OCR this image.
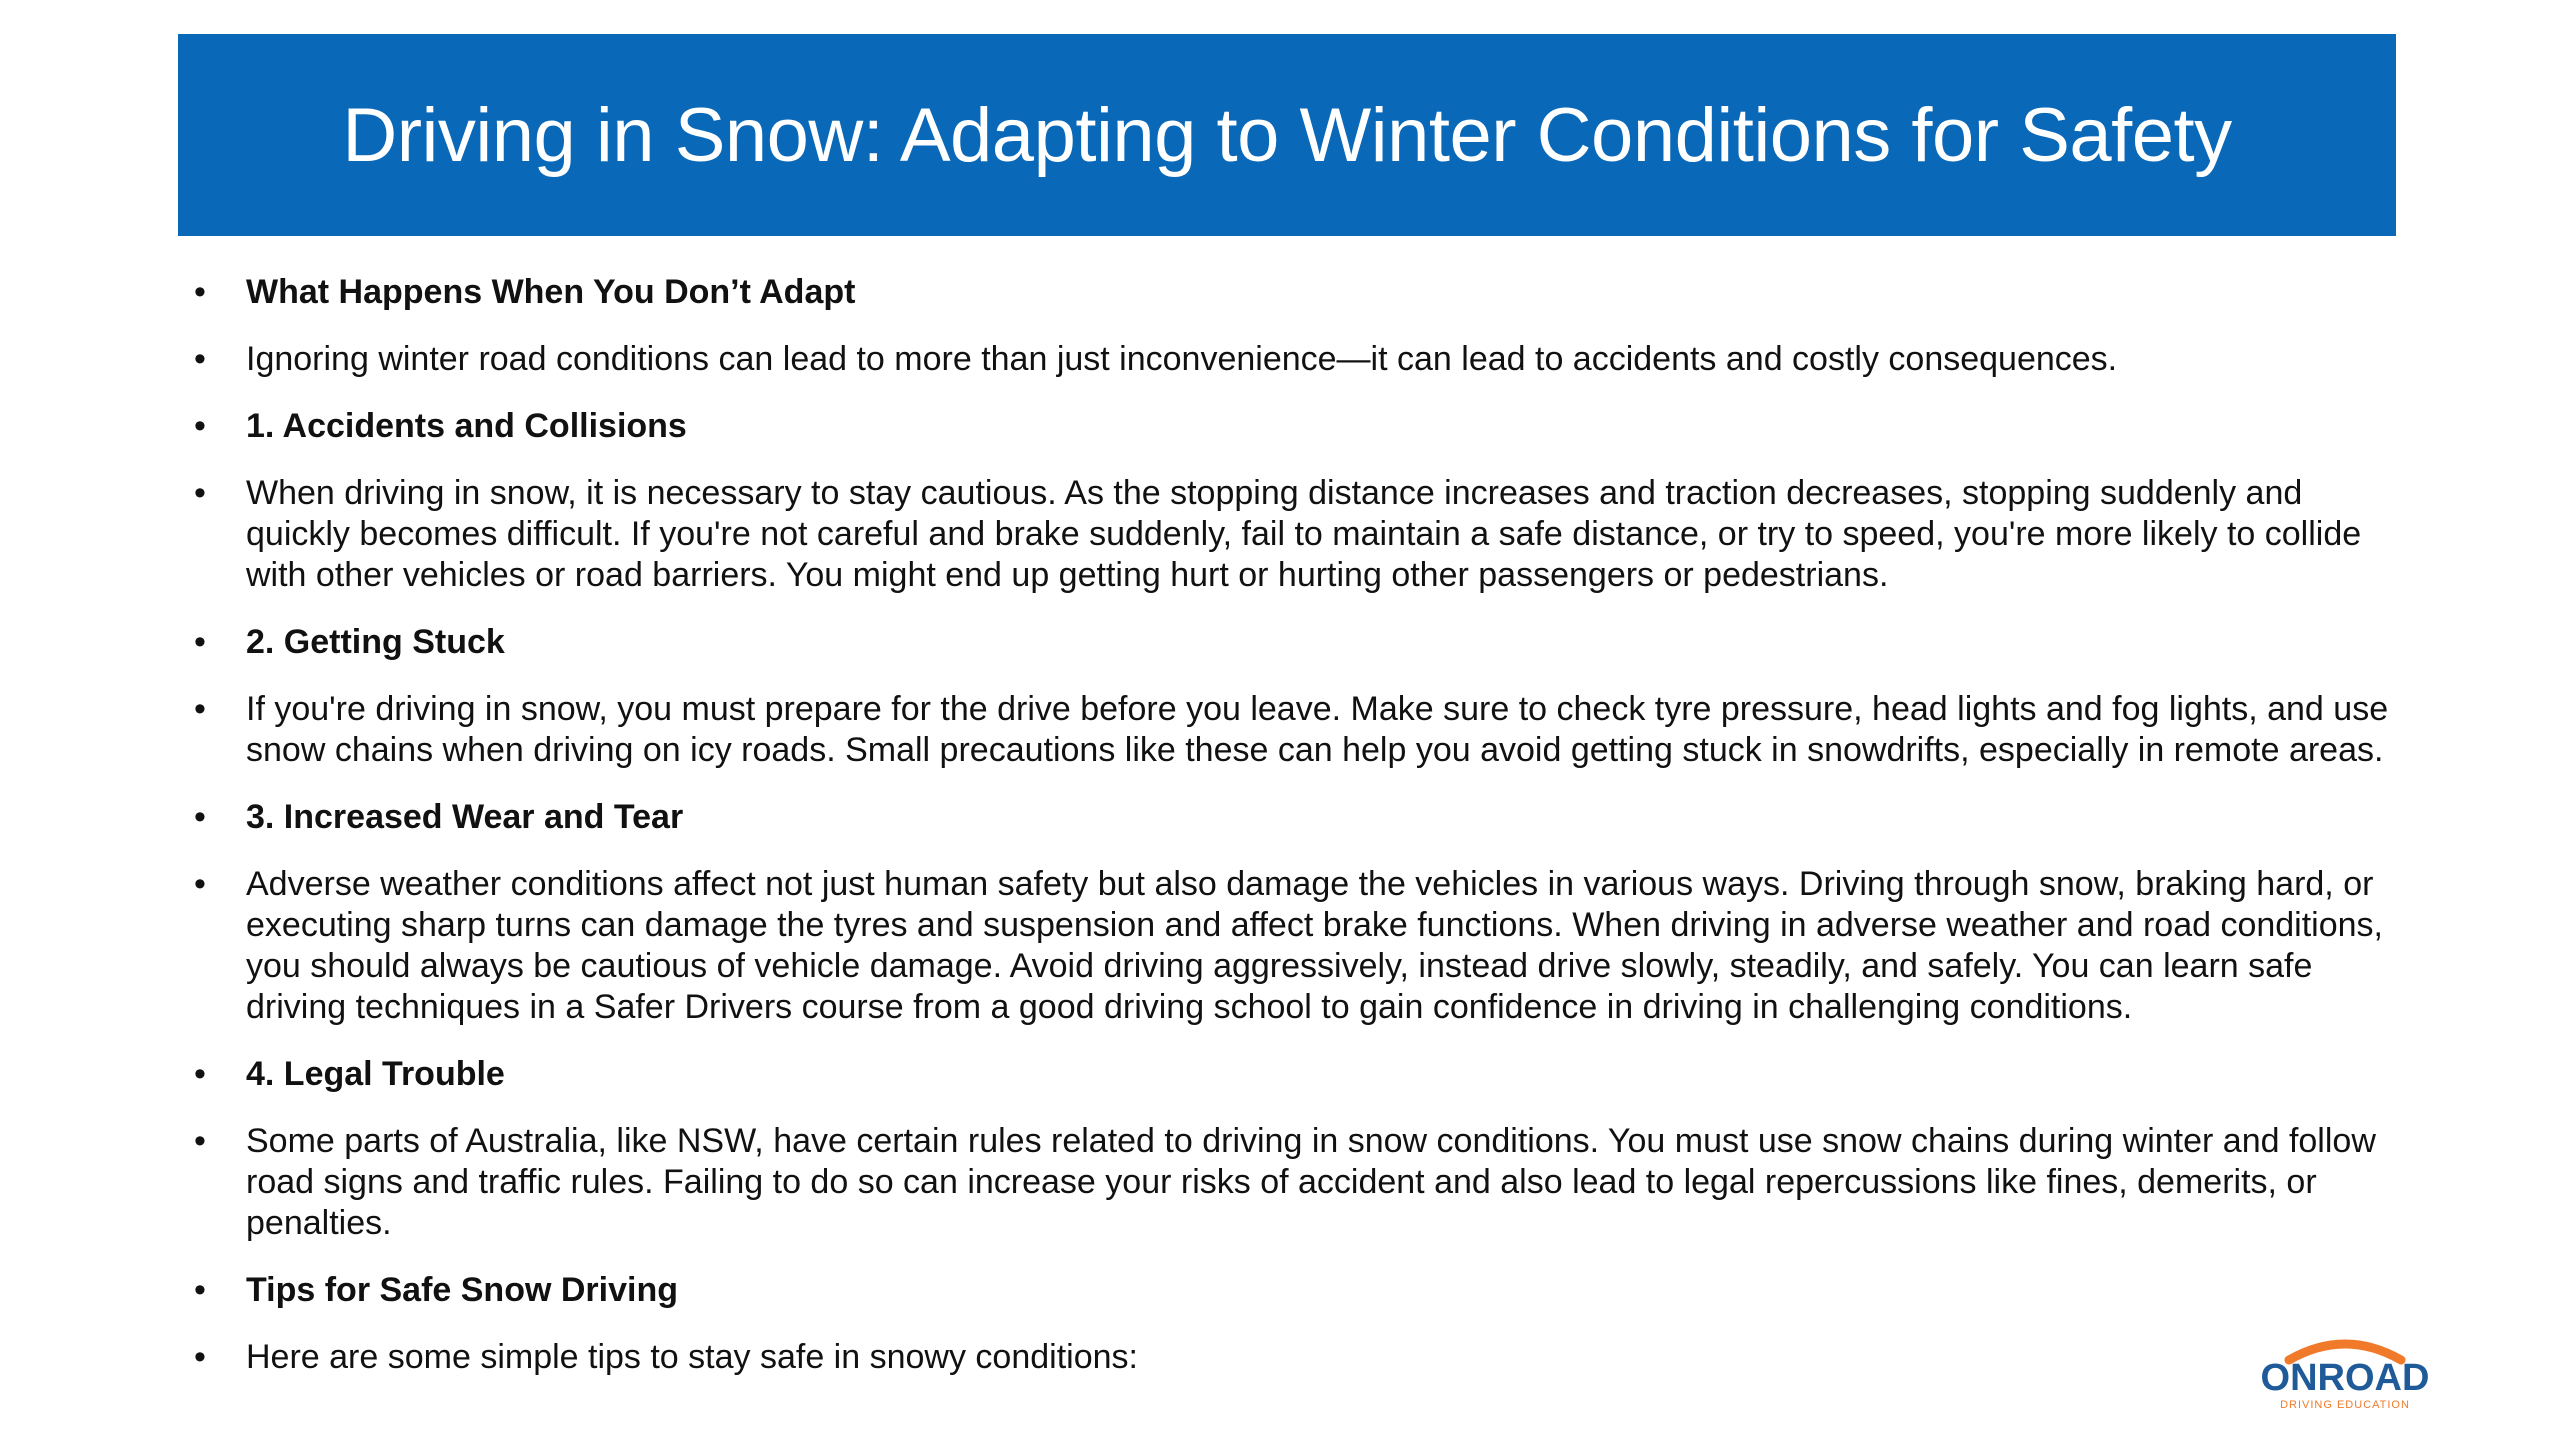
Driving in Snow: Adapting to Winter Conditions for Safety
• What Happens When You Don’t Adapt
• Ignoring winter road conditions can lead to more than just inconvenience—it can lead to accidents and costly consequences.
• 1. Accidents and Collisions
• When driving in snow, it is necessary to stay cautious. As the stopping distance increases and traction decreases, stopping suddenly and quickly becomes difficult. If you're not careful and brake suddenly, fail to maintain a safe distance, or try to speed, you're more likely to collide with other vehicles or road barriers. You might end up getting hurt or hurting other passengers or pedestrians.
• 2. Getting Stuck
• If you're driving in snow, you must prepare for the drive before you leave. Make sure to check tyre pressure, head lights and fog lights, and use snow chains when driving on icy roads. Small precautions like these can help you avoid getting stuck in snowdrifts, especially in remote areas.
• 3. Increased Wear and Tear
• Adverse weather conditions affect not just human safety but also damage the vehicles in various ways. Driving through snow, braking hard, or executing sharp turns can damage the tyres and suspension and affect brake functions. When driving in adverse weather and road conditions, you should always be cautious of vehicle damage. Avoid driving aggressively, instead drive slowly, steadily, and safely. You can learn safe driving techniques in a Safer Drivers course from a good driving school to gain confidence in driving in challenging conditions.
• 4. Legal Trouble
• Some parts of Australia, like NSW, have certain rules related to driving in snow conditions. You must use snow chains during winter and follow road signs and traffic rules. Failing to do so can increase your risks of accident and also lead to legal repercussions like fines, demerits, or penalties.
• Tips for Safe Snow Driving
• Here are some simple tips to stay safe in snowy conditions:	ONROAD
DRIVING EDUCATION
